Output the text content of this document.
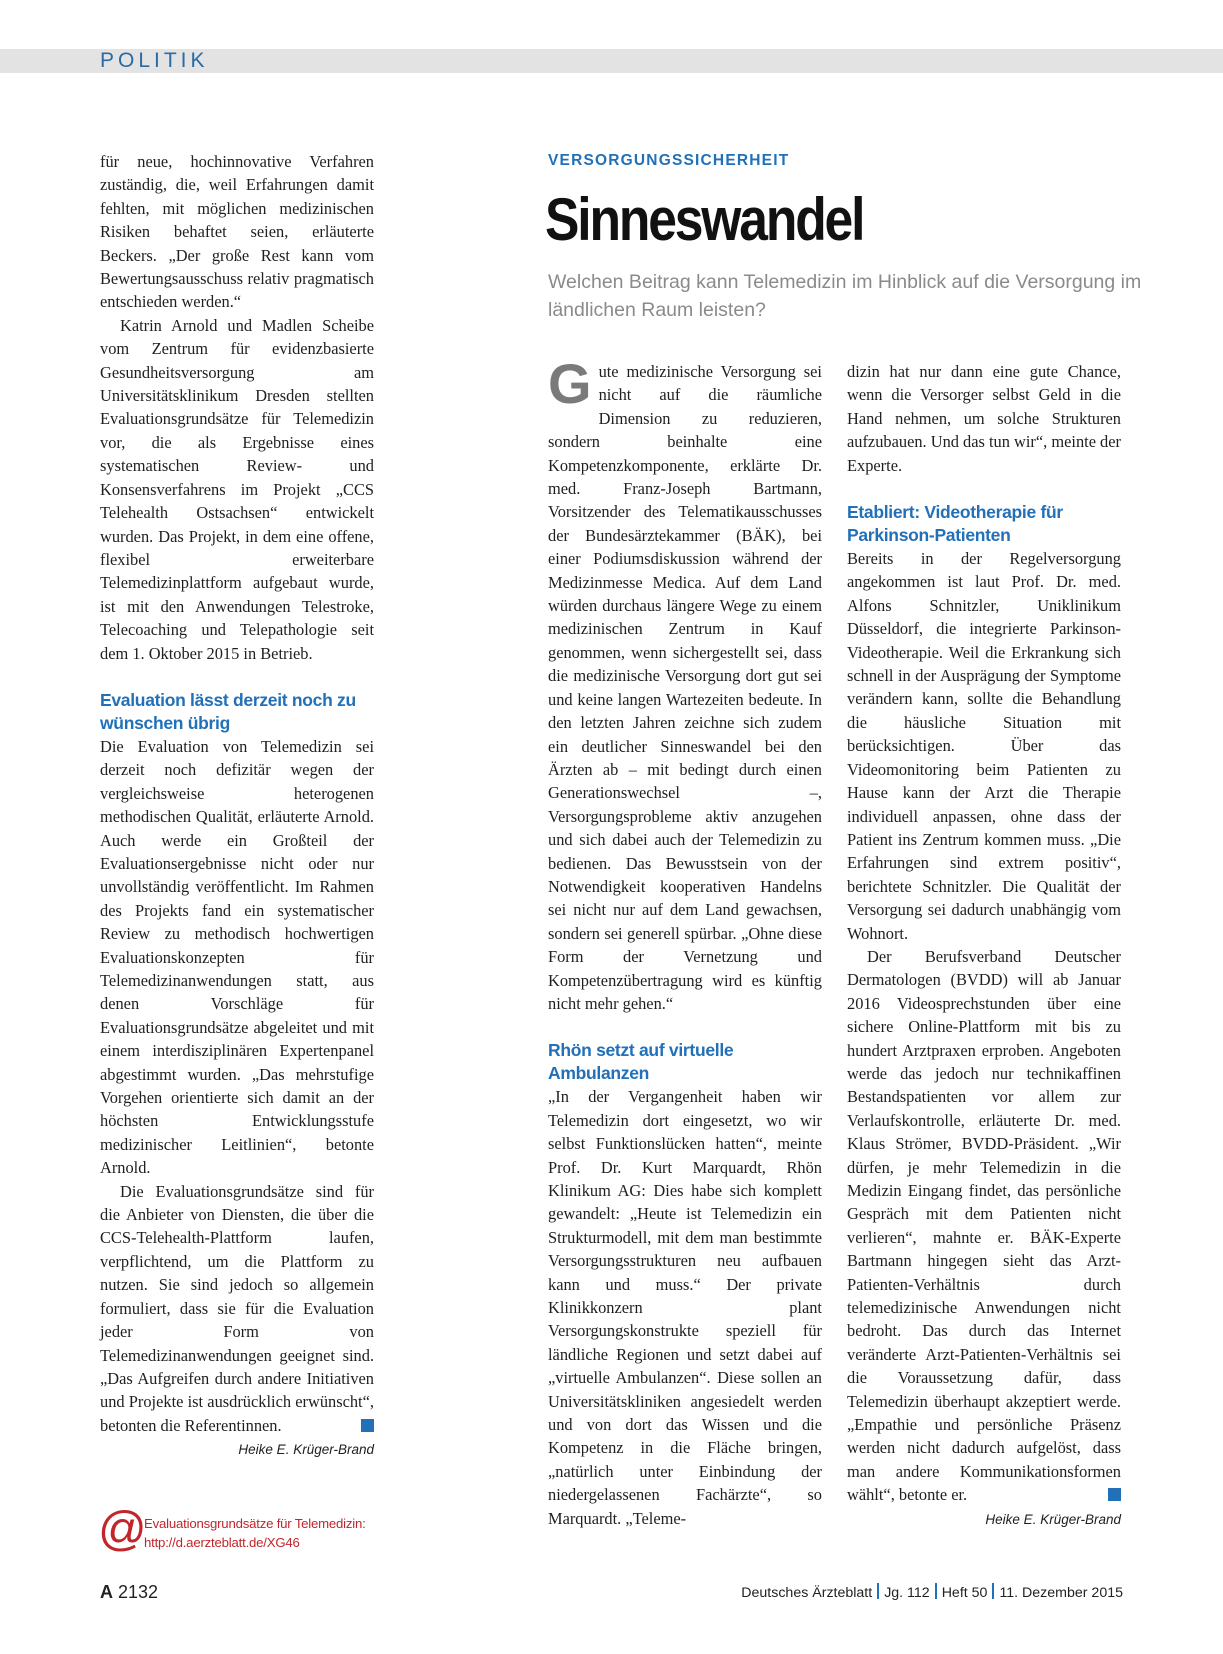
POLITIK

für neue, hochinnovative Verfahren zuständig, die, weil Erfahrungen damit fehlten, mit möglichen medizinischen Risiken behaftet seien, erläuterte Beckers. „Der große Rest kann vom Bewertungsausschuss relativ pragmatisch entschieden werden.“

Katrin Arnold und Madlen Scheibe vom Zentrum für evidenzbasierte Gesundheitsversorgung am Universitätsklinikum Dresden stellten Evaluationsgrundsätze für Telemedizin vor, die als Ergebnisse eines systematischen Review- und Konsensverfahrens im Projekt „CCS Telehealth Ostsachsen“ entwickelt wurden. Das Projekt, in dem eine offene, flexibel erweiterbare Telemedizinplattform aufgebaut wurde, ist mit den Anwendungen Telestroke, Telecoaching und Telepathologie seit dem 1. Oktober 2015 in Betrieb.

Evaluation lässt derzeit noch zu wünschen übrig

Die Evaluation von Telemedizin sei derzeit noch defizitär wegen der vergleichsweise heterogenen methodischen Qualität, erläuterte Arnold. Auch werde ein Großteil der Evaluationsergebnisse nicht oder nur unvollständig veröffentlicht. Im Rahmen des Projekts fand ein systematischer Review zu methodisch hochwertigen Evaluationskonzepten für Telemedizinanwendungen statt, aus denen Vorschläge für Evaluationsgrundsätze abgeleitet und mit einem interdisziplinären Expertenpanel abgestimmt wurden. „Das mehrstufige Vorgehen orientierte sich damit an der höchsten Entwicklungsstufe medizinischer Leitlinien“, betonte Arnold.

Die Evaluationsgrundsätze sind für die Anbieter von Diensten, die über die CCS-Telehealth-Plattform laufen, verpflichtend, um die Plattform zu nutzen. Sie sind jedoch so allgemein formuliert, dass sie für die Evaluation jeder Form von Telemedizinanwendungen geeignet sind. „Das Aufgreifen durch andere Initiativen und Projekte ist ausdrücklich erwünscht“, betonten die Referentinnen.

Heike E. Krüger-Brand
VERSORGUNGSSICHERHEIT
Sinneswandel
Welchen Beitrag kann Telemedizin im Hinblick auf die Versorgung im ländlichen Raum leisten?

Gute medizinische Versorgung sei nicht auf die räumliche Dimension zu reduzieren, sondern beinhalte eine Kompetenzkomponente, erklärte Dr. med. Franz-Joseph Bartmann, Vorsitzender des Telematikausschusses der Bundesärztekammer (BÄK), bei einer Podiumsdiskussion während der Medizinmesse Medica. Auf dem Land würden durchaus längere Wege zu einem medizinischen Zentrum in Kauf genommen, wenn sichergestellt sei, dass die medizinische Versorgung dort gut sei und keine langen Wartezeiten bedeute. In den letzten Jahren zeichne sich zudem ein deutlicher Sinneswandel bei den Ärzten ab – mit bedingt durch einen Generationswechsel –, Versorgungsprobleme aktiv anzugehen und sich dabei auch der Telemedizin zu bedienen. Das Bewusstsein von der Notwendigkeit kooperativen Handelns sei nicht nur auf dem Land gewachsen, sondern sei generell spürbar. „Ohne diese Form der Vernetzung und Kompetenzübertragung wird es künftig nicht mehr gehen.“

Rhön setzt auf virtuelle Ambulanzen

„In der Vergangenheit haben wir Telemedizin dort eingesetzt, wo wir selbst Funktionslücken hatten“, meinte Prof. Dr. Kurt Marquardt, Rhön Klinikum AG: Dies habe sich komplett gewandelt: „Heute ist Telemedizin ein Strukturmodell, mit dem man bestimmte Versorgungsstrukturen neu aufbauen kann und muss.“ Der private Klinikkonzern plant Versorgungskonstrukte speziell für ländliche Regionen und setzt dabei auf „virtuelle Ambulanzen“. Diese sollen an Universitätskliniken angesiedelt werden und von dort das Wissen und die Kompetenz in die Fläche bringen, „natürlich unter Einbindung der niedergelassenen Fachärzte“, so Marquardt. „Teleme-

dizin hat nur dann eine gute Chance, wenn die Versorger selbst Geld in die Hand nehmen, um solche Strukturen aufzubauen. Und das tun wir“, meinte der Experte.

Etabliert: Videotherapie für Parkinson-Patienten

Bereits in der Regelversorgung angekommen ist laut Prof. Dr. med. Alfons Schnitzler, Uniklinikum Düsseldorf, die integrierte Parkinson-Videotherapie. Weil die Erkrankung sich schnell in der Ausprägung der Symptome verändern kann, sollte die Behandlung die häusliche Situation mit berücksichtigen. Über das Videomonitoring beim Patienten zu Hause kann der Arzt die Therapie individuell anpassen, ohne dass der Patient ins Zentrum kommen muss. „Die Erfahrungen sind extrem positiv“, berichtete Schnitzler. Die Qualität der Versorgung sei dadurch unabhängig vom Wohnort.

Der Berufsverband Deutscher Dermatologen (BVDD) will ab Januar 2016 Videosprechstunden über eine sichere Online-Plattform mit bis zu hundert Arztpraxen erproben. Angeboten werde das jedoch nur technikaffinen Bestandspatienten vor allem zur Verlaufskontrolle, erläuterte Dr. med. Klaus Strömer, BVDD-Präsident. „Wir dürfen, je mehr Telemedizin in die Medizin Eingang findet, das persönliche Gespräch mit dem Patienten nicht verlieren“, mahnte er. BÄK-Experte Bartmann hingegen sieht das Arzt-Patienten-Verhältnis durch telemedizinische Anwendungen nicht bedroht. Das durch das Internet veränderte Arzt-Patienten-Verhältnis sei die Voraussetzung dafür, dass Telemedizin überhaupt akzeptiert werde. „Empathie und persönliche Präsenz werden nicht dadurch aufgelöst, dass man andere Kommunikationsformen wählt“, betonte er.

Heike E. Krüger-Brand
@
Evaluationsgrundsätze für Telemedizin:
http://d.aerzteblatt.de/XG46
A 2132	Deutsches Ärzteblatt Jg. 112 Heft 50 11. Dezember 2015
